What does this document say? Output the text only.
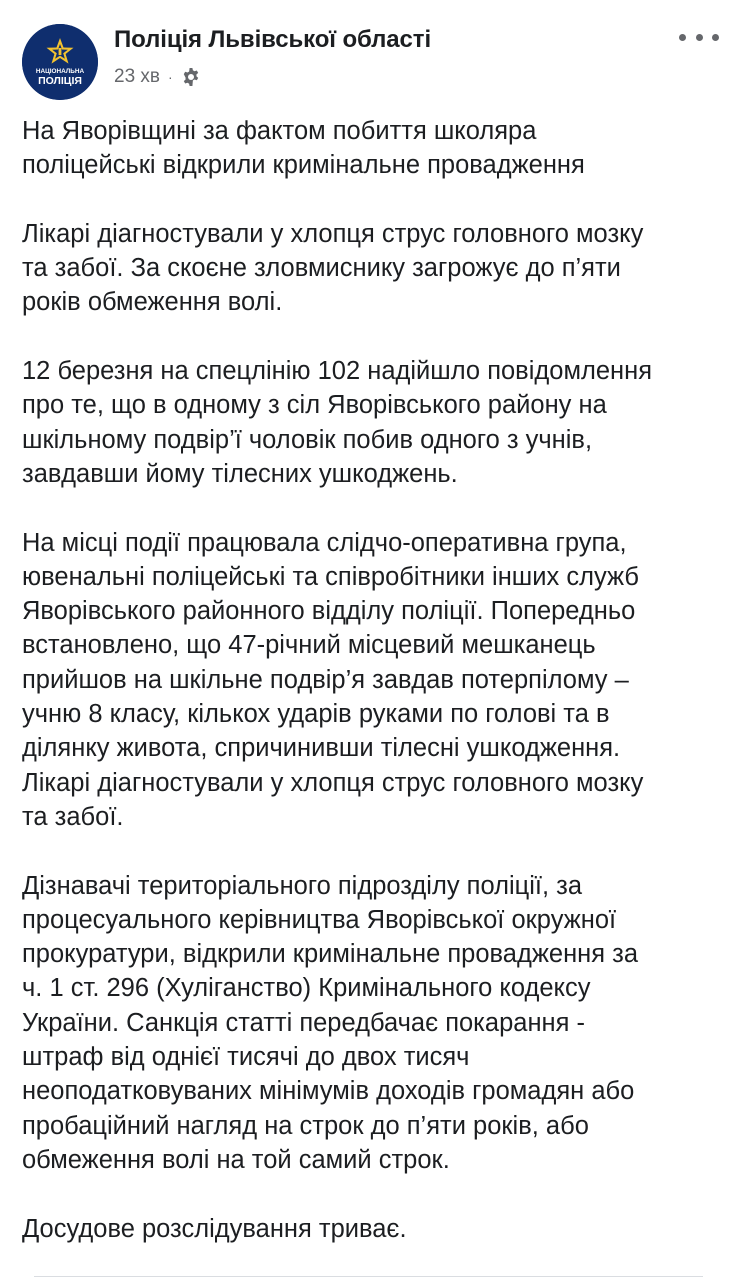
НАЦІОНАЛЬНА
ПОЛІЦІЯ
Поліція Львівської області
23 хв ·

На Яворівщині за фактом побиття школяра
поліцейські відкрили кримінальне провадження

Лікарі діагностували у хлопця струс головного мозку
та забої. За скоєне зловмиснику загрожує до п’яти
років обмеження волі.

12 березня на спецлінію 102 надійшло повідомлення
про те, що в одному з сіл Яворівського району на
шкільному подвір’ї чоловік побив одного з учнів,
завдавши йому тілесних ушкоджень.

На місці події працювала слідчо-оперативна група,
ювенальні поліцейські та співробітники інших служб
Яворівського районного відділу поліції. Попередньо
встановлено, що 47-річний місцевий мешканець
прийшов на шкільне подвір’я завдав потерпілому –
учню 8 класу, кількох ударів руками по голові та в
ділянку живота, спричинивши тілесні ушкодження.
Лікарі діагностували у хлопця струс головного мозку
та забої.

Дізнавачі територіального підрозділу поліції, за
процесуального керівництва Яворівської окружної
прокуратури, відкрили кримінальне провадження за
ч. 1 ст. 296 (Хуліганство) Кримінального кодексу
України. Санкція статті передбачає покарання -
штраф від однієї тисячі до двох тисяч
неоподатковуваних мінімумів доходів громадян або
пробаційний нагляд на строк до п’яти років, або
обмеження волі на той самий строк.

Досудове розслідування триває.
